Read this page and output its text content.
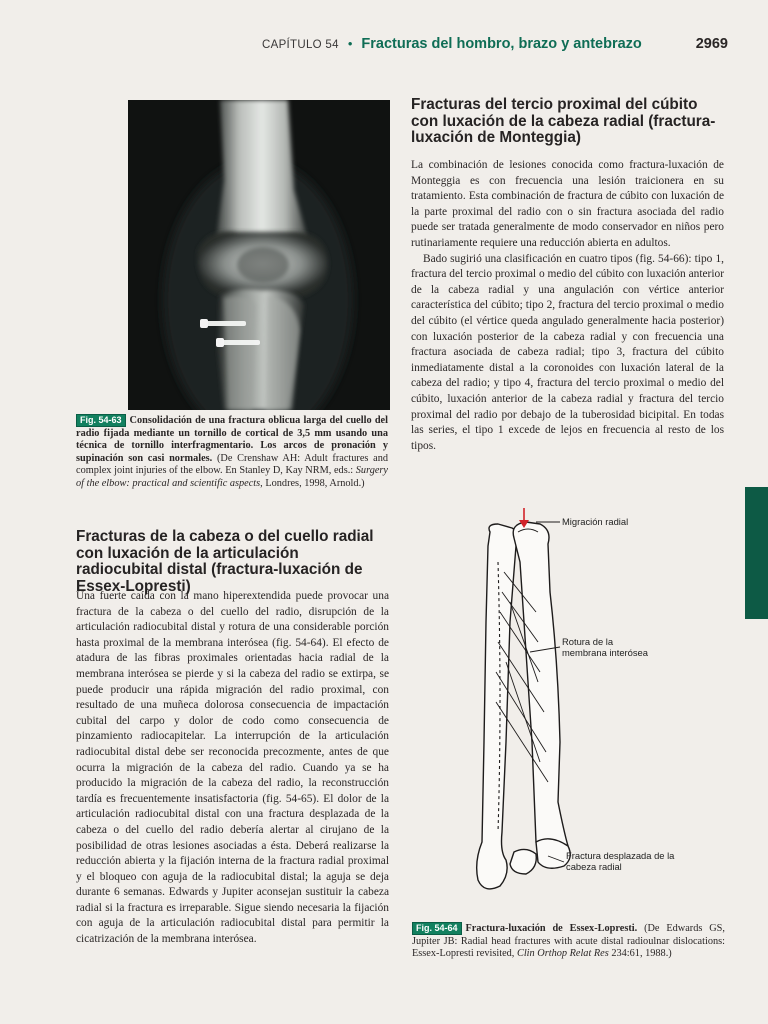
CAPÍTULO 54 • Fracturas del hombro, brazo y antebrazo	2969
Fig. 54-63 Consolidación de una fractura oblicua larga del cuello del radio fijada mediante un tornillo de cortical de 3,5 mm usando una técnica de tornillo interfragmentario. Los arcos de pronación y supinación son casi normales. (De Crenshaw AH: Adult fractures and complex joint injuries of the elbow. En Stanley D, Kay NRM, eds.: Surgery of the elbow: practical and scientific aspects, Londres, 1998, Arnold.)
Fracturas del tercio proximal del cúbito con luxación de la cabeza radial (fractura-luxación de Monteggia)

La combinación de lesiones conocida como fractura-luxación de Monteggia es con frecuencia una lesión traicionera en su tratamiento. Esta combinación de fractura de cúbito con luxación de la parte proximal del radio con o sin fractura asociada del radio puede ser tratada generalmente de modo conservador en niños pero rutinariamente requiere una reducción abierta en adultos.

Bado sugirió una clasificación en cuatro tipos (fig. 54-66): tipo 1, fractura del tercio proximal o medio del cúbito con luxación anterior de la cabeza radial y una angulación con vértice anterior característica del cúbito; tipo 2, fractura del tercio proximal o medio del cúbito (el vértice queda angulado generalmente hacia posterior) con luxación posterior de la cabeza radial y con frecuencia una fractura asociada de cabeza radial; tipo 3, fractura del cúbito inmediatamente distal a la coronoides con luxación lateral de la cabeza del radio; y tipo 4, fractura del tercio proximal o medio del cúbito, luxación anterior de la cabeza radial y fractura del tercio proximal del radio por debajo de la tuberosidad bicipital. En todas las series, el tipo 1 excede de lejos en frecuencia al resto de los tipos.

Fracturas de la cabeza o del cuello radial con luxación de la articulación radiocubital distal (fractura-luxación de Essex-Lopresti)

Una fuerte caída con la mano hiperextendida puede provocar una fractura de la cabeza o del cuello del radio, disrupción de la articulación radiocubital distal y rotura de una considerable porción hasta proximal de la membrana interósea (fig. 54-64). El efecto de atadura de las fibras proximales orientadas hacia radial de la membrana interósea se pierde y si la cabeza del radio se extirpa, se puede producir una rápida migración del radio proximal, con resultado de una muñeca dolorosa consecuencia de impactación cubital del carpo y dolor de codo como consecuencia de pinzamiento radiocapitelar. La interrupción de la articulación radiocubital distal debe ser reconocida precozmente, antes de que ocurra la migración de la cabeza del radio. Cuando ya se ha producido la migración de la cabeza del radio, la reconstrucción tardía es frecuentemente insatisfactoria (fig. 54-65). El dolor de la articulación radiocubital distal con una fractura desplazada de la cabeza o del cuello del radio debería alertar al cirujano de la posibilidad de otras lesiones asociadas a ésta. Deberá realizarse la reducción abierta y la fijación interna de la fractura radial proximal y el bloqueo con aguja de la radiocubital distal; la aguja se deja durante 6 semanas. Edwards y Jupiter aconsejan sustituir la cabeza radial si la fractura es irreparable. Sigue siendo necesaria la fijación con aguja de la articulación radiocubital distal para permitir la cicatrización de la membrana interósea.

Migración radial
Rotura de la membrana interósea
Fractura desplazada de la cabeza radial
Fig. 54-64 Fractura-luxación de Essex-Lopresti. (De Edwards GS, Jupiter JB: Radial head fractures with acute distal radioulnar dislocations: Essex-Lopresti revisited, Clin Orthop Relat Res 234:61, 1988.)
